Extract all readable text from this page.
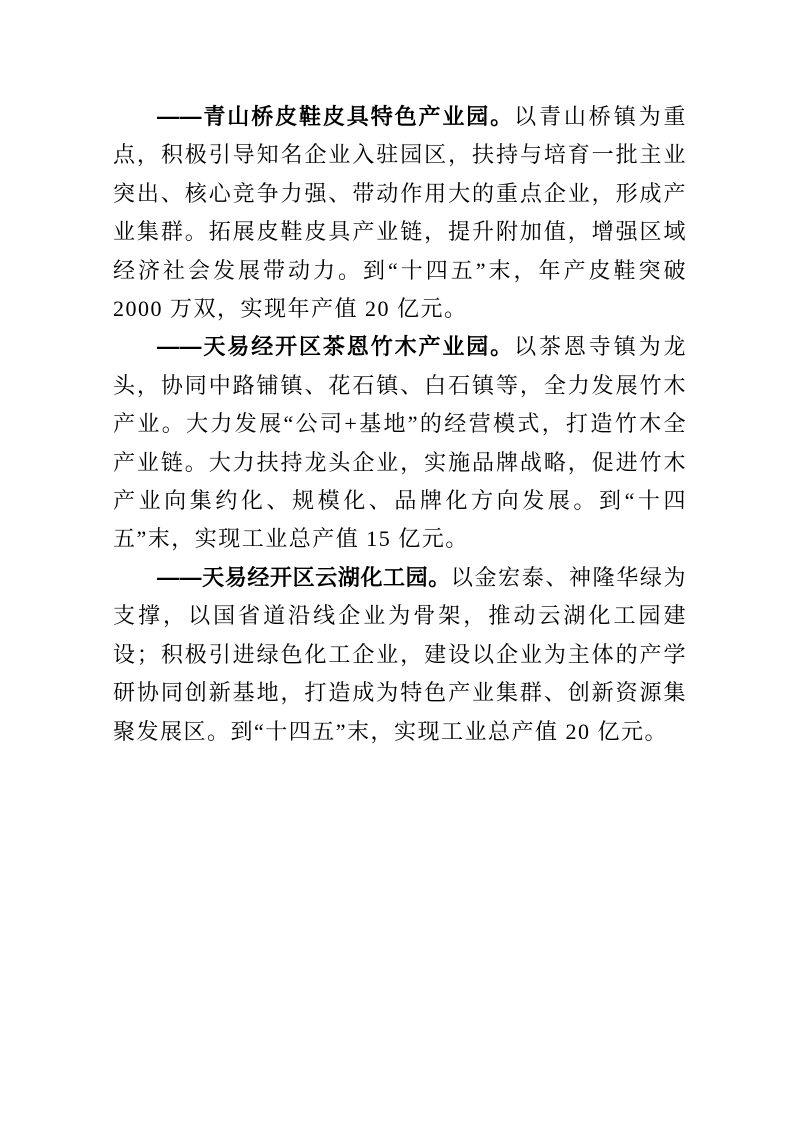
——青山桥皮鞋皮具特色产业园。以青山桥镇为重点，积极引导知名企业入驻园区，扶持与培育一批主业突出、核心竞争力强、带动作用大的重点企业，形成产业集群。拓展皮鞋皮具产业链，提升附加值，增强区域经济社会发展带动力。到“十四五”末，年产皮鞋突破 2000 万双，实现年产值 20 亿元。

——天易经开区茶恩竹木产业园。以茶恩寺镇为龙头，协同中路铺镇、花石镇、白石镇等，全力发展竹木产业。大力发展“公司+基地”的经营模式，打造竹木全产业链。大力扶持龙头企业，实施品牌战略，促进竹木产业向集约化、规模化、品牌化方向发展。到“十四五”末，实现工业总产值 15 亿元。

——天易经开区云湖化工园。以金宏泰、神隆华绿为支撑，以国省道沿线企业为骨架，推动云湖化工园建设；积极引进绿色化工企业，建设以企业为主体的产学研协同创新基地，打造成为特色产业集群、创新资源集聚发展区。到“十四五”末，实现工业总产值 20 亿元。
